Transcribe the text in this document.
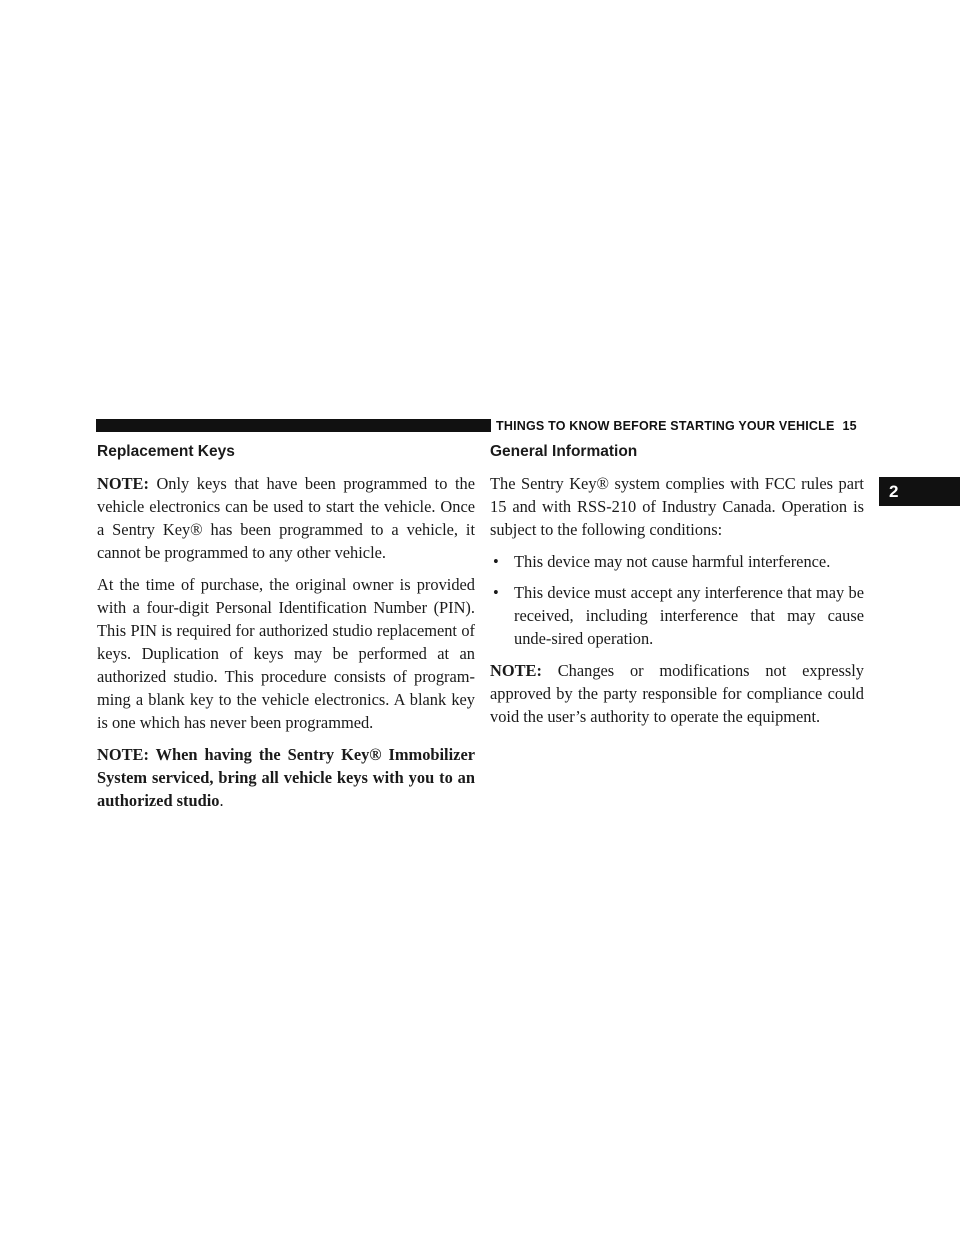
THINGS TO KNOW BEFORE STARTING YOUR VEHICLE 15
2
Replacement Keys

NOTE: Only keys that have been programmed to the vehicle electronics can be used to start the vehicle. Once a Sentry Key® has been programmed to a vehicle, it cannot be programmed to any other vehicle.

At the time of purchase, the original owner is provided with a four-digit Personal Identification Number (PIN). This PIN is required for authorized studio replacement of keys. Duplication of keys may be performed at an authorized studio. This procedure consists of program-ming a blank key to the vehicle electronics. A blank key is one which has never been programmed.

NOTE: When having the Sentry Key® Immobilizer System serviced, bring all vehicle keys with you to an authorized studio.

General Information

The Sentry Key® system complies with FCC rules part 15 and with RSS-210 of Industry Canada. Operation is subject to the following conditions:

• This device may not cause harmful interference.
• This device must accept any interference that may be received, including interference that may cause unde-sired operation.

NOTE: Changes or modifications not expressly approved by the party responsible for compliance could void the user’s authority to operate the equipment.
